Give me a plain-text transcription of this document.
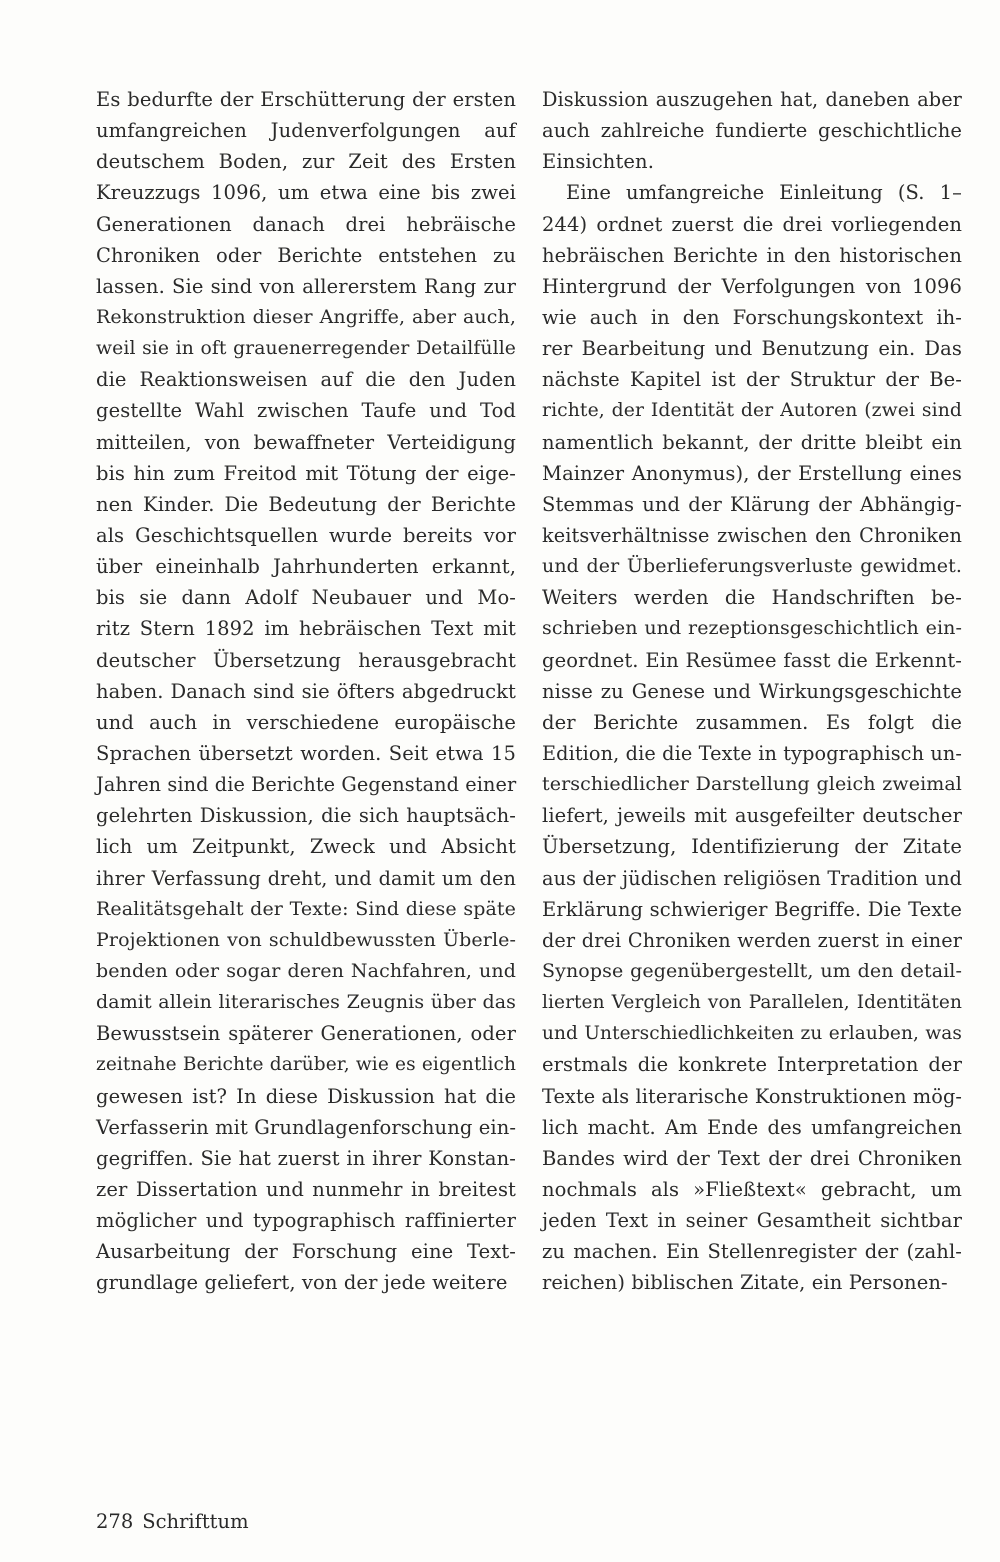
Es bedurfte der Erschütterung der ersten
umfangreichen Judenverfolgungen auf
deutschem Boden, zur Zeit des Ersten
Kreuzzugs 1096, um etwa eine bis zwei
Generationen danach drei hebräische
Chroniken oder Berichte entstehen zu
lassen. Sie sind von allererstem Rang zur
Rekonstruktion dieser Angriffe, aber auch,
weil sie in oft grauenerregender Detailfülle
die Reaktionsweisen auf die den Juden
gestellte Wahl zwischen Taufe und Tod
mitteilen, von bewaffneter Verteidigung
bis hin zum Freitod mit Tötung der eige-
nen Kinder. Die Bedeutung der Berichte
als Geschichtsquellen wurde bereits vor
über eineinhalb Jahrhunderten erkannt,
bis sie dann Adolf Neubauer und Mo-
ritz Stern 1892 im hebräischen Text mit
deutscher Übersetzung herausgebracht
haben. Danach sind sie öfters abgedruckt
und auch in verschiedene europäische
Sprachen übersetzt worden. Seit etwa 15
Jahren sind die Berichte Gegenstand einer
gelehrten Diskussion, die sich hauptsäch-
lich um Zeitpunkt, Zweck und Absicht
ihrer Verfassung dreht, und damit um den
Realitätsgehalt der Texte: Sind diese späte
Projektionen von schuldbewussten Überle-
benden oder sogar deren Nachfahren, und
damit allein literarisches Zeugnis über das
Bewusstsein späterer Generationen, oder
zeitnahe Berichte darüber, wie es eigentlich
gewesen ist? In diese Diskussion hat die
Verfasserin mit Grundlagenforschung ein-
gegriffen. Sie hat zuerst in ihrer Konstan-
zer Dissertation und nunmehr in breitest
möglicher und typographisch raffinierter
Ausarbeitung der Forschung eine Text-
grundlage geliefert, von der jede weitere
Diskussion auszugehen hat, daneben aber
auch zahlreiche fundierte geschichtliche
Einsichten.
Eine umfangreiche Einleitung (S. 1–
244) ordnet zuerst die drei vorliegenden
hebräischen Berichte in den historischen
Hintergrund der Verfolgungen von 1096
wie auch in den Forschungskontext ih-
rer Bearbeitung und Benutzung ein. Das
nächste Kapitel ist der Struktur der Be-
richte, der Identität der Autoren (zwei sind
namentlich bekannt, der dritte bleibt ein
Mainzer Anonymus), der Erstellung eines
Stemmas und der Klärung der Abhängig-
keitsverhältnisse zwischen den Chroniken
und der Überlieferungsverluste gewidmet.
Weiters werden die Handschriften be-
schrieben und rezeptionsgeschichtlich ein-
geordnet. Ein Resümee fasst die Erkennt-
nisse zu Genese und Wirkungsgeschichte
der Berichte zusammen. Es folgt die
Edition, die die Texte in typographisch un-
terschiedlicher Darstellung gleich zweimal
liefert, jeweils mit ausgefeilter deutscher
Übersetzung, Identifizierung der Zitate
aus der jüdischen religiösen Tradition und
Erklärung schwieriger Begriffe. Die Texte
der drei Chroniken werden zuerst in einer
Synopse gegenübergestellt, um den detail-
lierten Vergleich von Parallelen, Identitäten
und Unterschiedlichkeiten zu erlauben, was
erstmals die konkrete Interpretation der
Texte als literarische Konstruktionen mög-
lich macht. Am Ende des umfangreichen
Bandes wird der Text der drei Chroniken
nochmals als »Fließtext« gebracht, um
jeden Text in seiner Gesamtheit sichtbar
zu machen. Ein Stellenregister der (zahl-
reichen) biblischen Zitate, ein Personen-
278 Schrifttum
